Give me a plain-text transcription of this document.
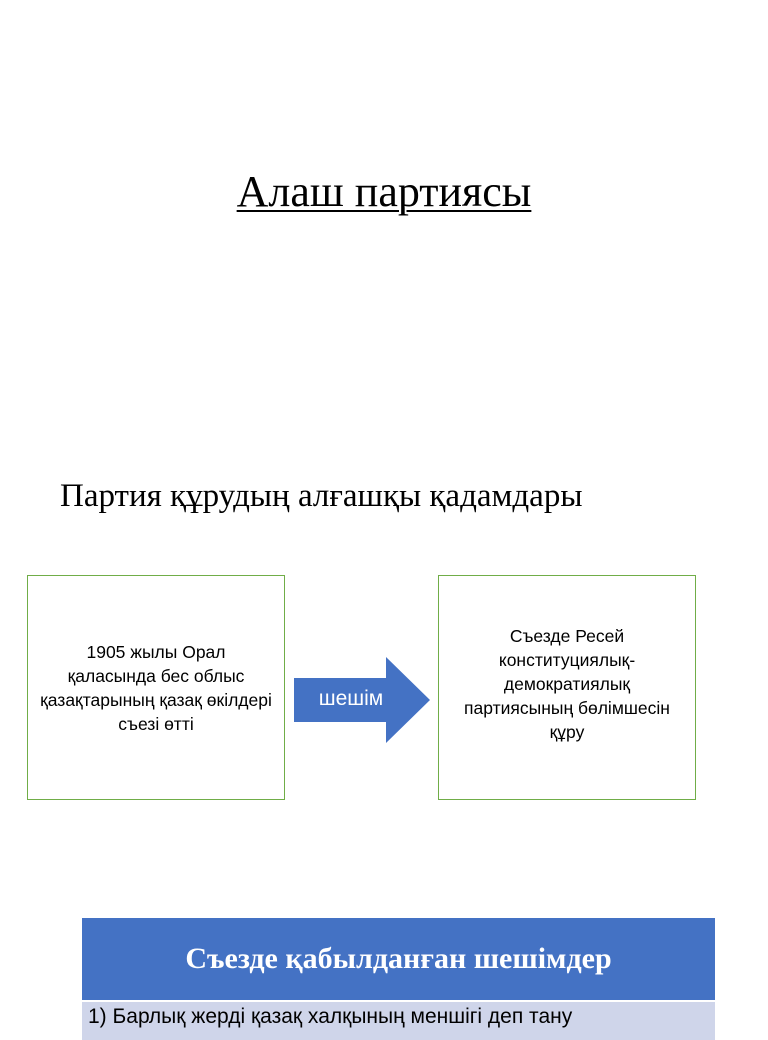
Алаш партиясы
Партия құрудың алғашқы қадамдары
1905 жылы Орал қаласында бес облыс қазақтарының қазақ өкілдері съезі өтті
шешім
Съезде Ресей конституциялық-демократиялық партиясының бөлімшесін құру
Съезде қабылданған шешімдер
1) Барлық жерді қазақ халқының меншігі деп тану
